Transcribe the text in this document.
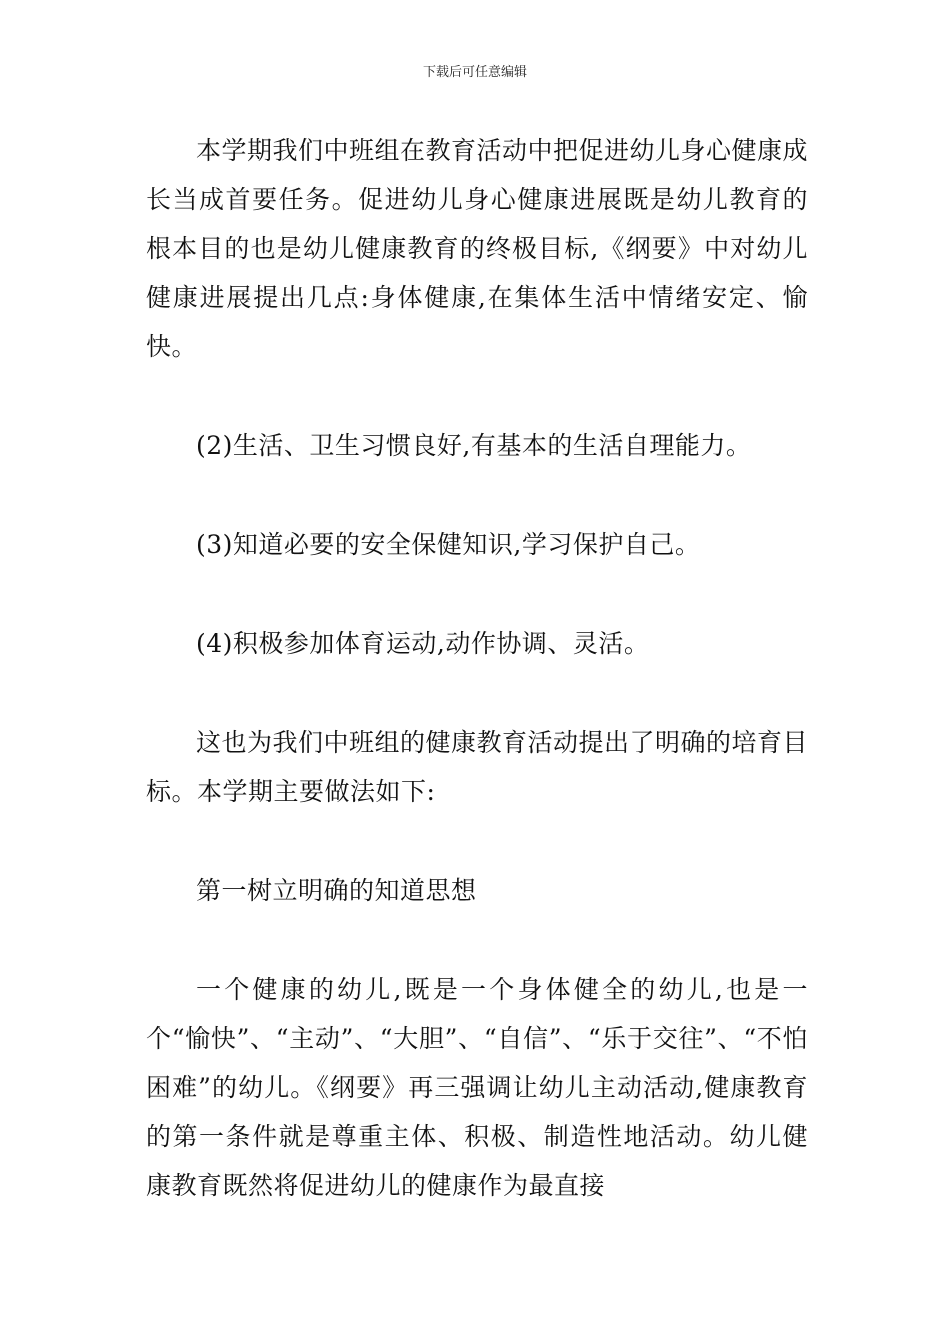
下载后可任意编辑

本学期我们中班组在教育活动中把促进幼儿身心健康成长当成首要任务。促进幼儿身心健康进展既是幼儿教育的根本目的也是幼儿健康教育的终极目标,《纲要》中对幼儿健康进展提出几点:身体健康,在集体生活中情绪安定、愉快。

(2)生活、卫生习惯良好,有基本的生活自理能力。

(3)知道必要的安全保健知识,学习保护自己。

(4)积极参加体育运动,动作协调、灵活。

这也为我们中班组的健康教育活动提出了明确的培育目标。本学期主要做法如下:

第一树立明确的知道思想

一个健康的幼儿,既是一个身体健全的幼儿,也是一个“愉快”、“主动”、“大胆”、“自信”、“乐于交往”、“不怕困难”的幼儿。《纲要》再三强调让幼儿主动活动,健康教育的第一条件就是尊重主体、积极、制造性地活动。幼儿健康教育既然将促进幼儿的健康作为最直接
